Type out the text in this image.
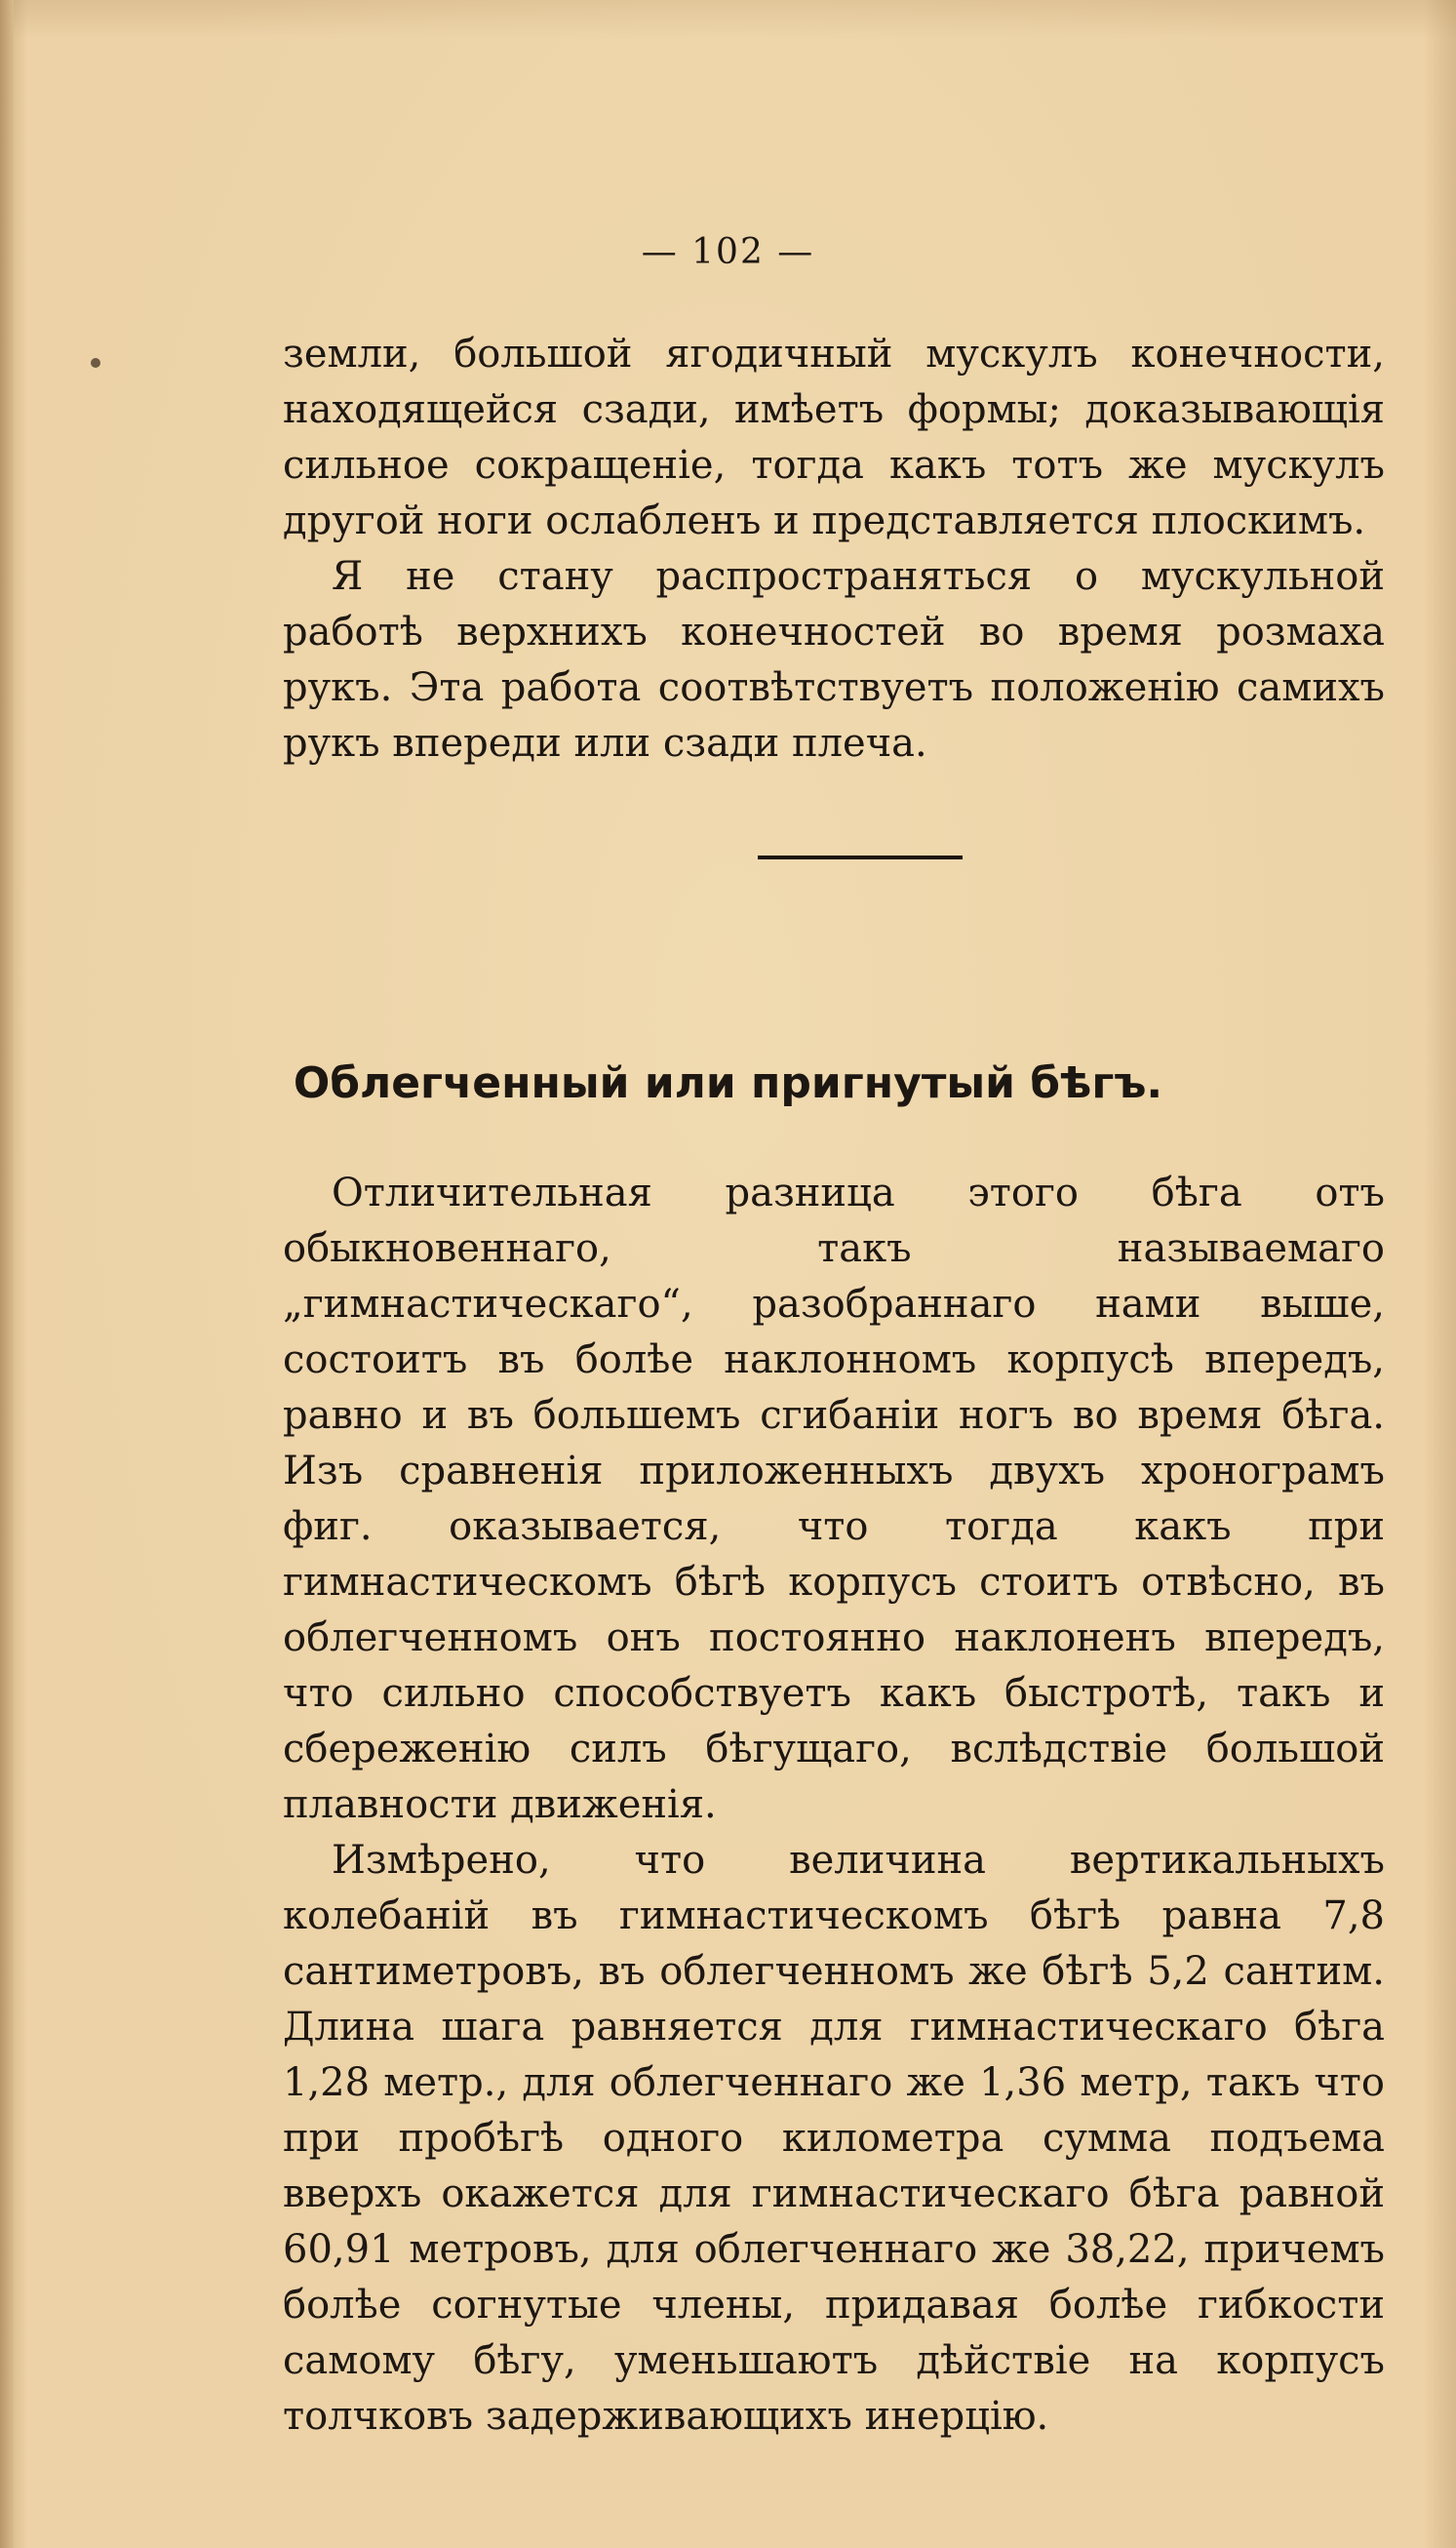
— 102 —

земли, большой ягодичный мускулъ конечности, находящейся сзади, имѣетъ формы; доказывающія сильное сокращеніе, тогда какъ тотъ же мускулъ другой ноги ослабленъ и представляется плоскимъ.

Я не стану распространяться о мускульной работѣ верхнихъ конечностей во время розмаха рукъ. Эта работа соотвѣтствуетъ положенію самихъ рукъ впереди или сзади плеча.

Облегченный или пригнутый бѣгъ.

Отличительная разница этого бѣга отъ обыкновеннаго, такъ называемаго „гимнастическаго“, разобраннаго нами выше, состоитъ въ болѣе наклонномъ корпусѣ впередъ, равно и въ большемъ сгибаніи ногъ во время бѣга. Изъ сравненія приложенныхъ двухъ хронограмъ фиг. оказывается, что тогда какъ при гимнастическомъ бѣгѣ корпусъ стоитъ отвѣсно, въ облегченномъ онъ постоянно наклоненъ впередъ, что сильно способствуетъ какъ быстротѣ, такъ и сбереженію силъ бѣгущаго, вслѣдствіе большой плавности движенія.

Измѣрено, что величина вертикальныхъ колебаній въ гимнастическомъ бѣгѣ равна 7,8 сантиметровъ, въ облегченномъ же бѣгѣ 5,2 сантим. Длина шага равняется для гимнастическаго бѣга 1,28 метр., для облегченнаго же 1,36 метр, такъ что при пробѣгѣ одного километра сумма подъема вверхъ окажется для гимнастическаго бѣга равной 60,91 метровъ, для облегченнаго же 38,22, причемъ болѣе согнутые члены, придавая болѣе гибкости самому бѣгу, уменьшаютъ дѣйствіе на корпусъ толчковъ задерживающихъ инерцію.
